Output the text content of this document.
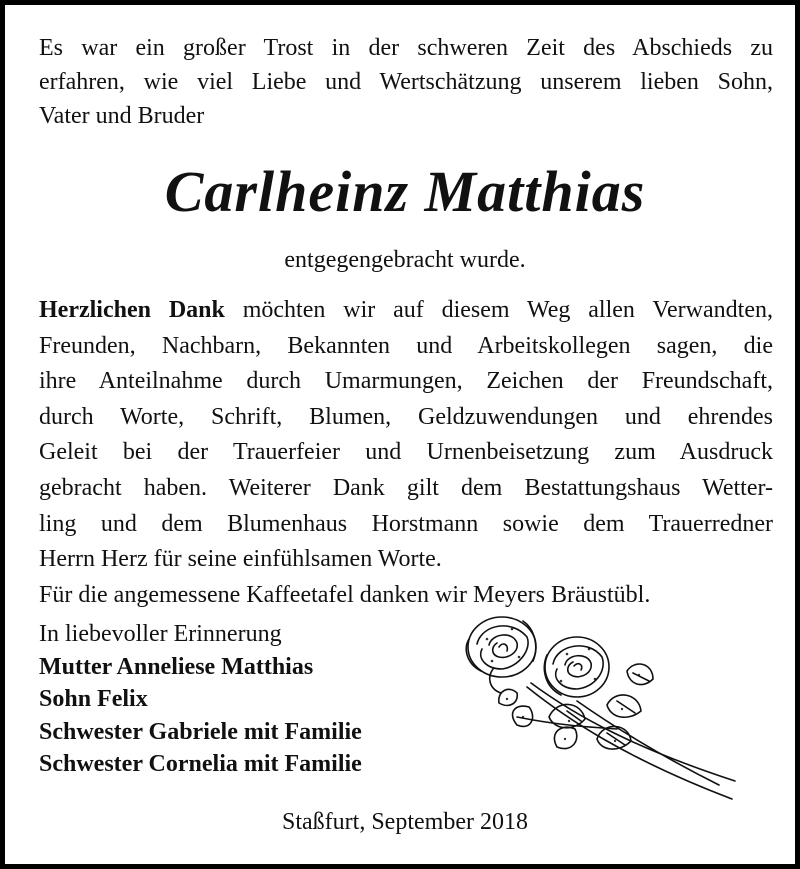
Es war ein großer Trost in der schweren Zeit des Abschieds zu
erfahren, wie viel Liebe und Wertschätzung unserem lieben Sohn,
Vater und Bruder

Carlheinz Matthias

entgegengebracht wurde.

Herzlichen Dank möchten wir auf diesem Weg allen Verwandten,
Freunden, Nachbarn, Bekannten und Arbeitskollegen sagen, die
ihre Anteilnahme durch Umarmungen, Zeichen der Freundschaft,
durch Worte, Schrift, Blumen, Geldzuwendungen und ehrendes
Geleit bei der Trauerfeier und Urnenbeisetzung zum Ausdruck
gebracht haben. Weiterer Dank gilt dem Bestattungshaus Wetter-
ling und dem Blumenhaus Horstmann sowie dem Trauerredner
Herrn Herz für seine einfühlsamen Worte.
Für die angemessene Kaffeetafel danken wir Meyers Bräustübl.

In liebevoller Erinnerung
Mutter Anneliese Matthias
Sohn Felix
Schwester Gabriele mit Familie
Schwester Cornelia mit Familie

Staßfurt, September 2018
